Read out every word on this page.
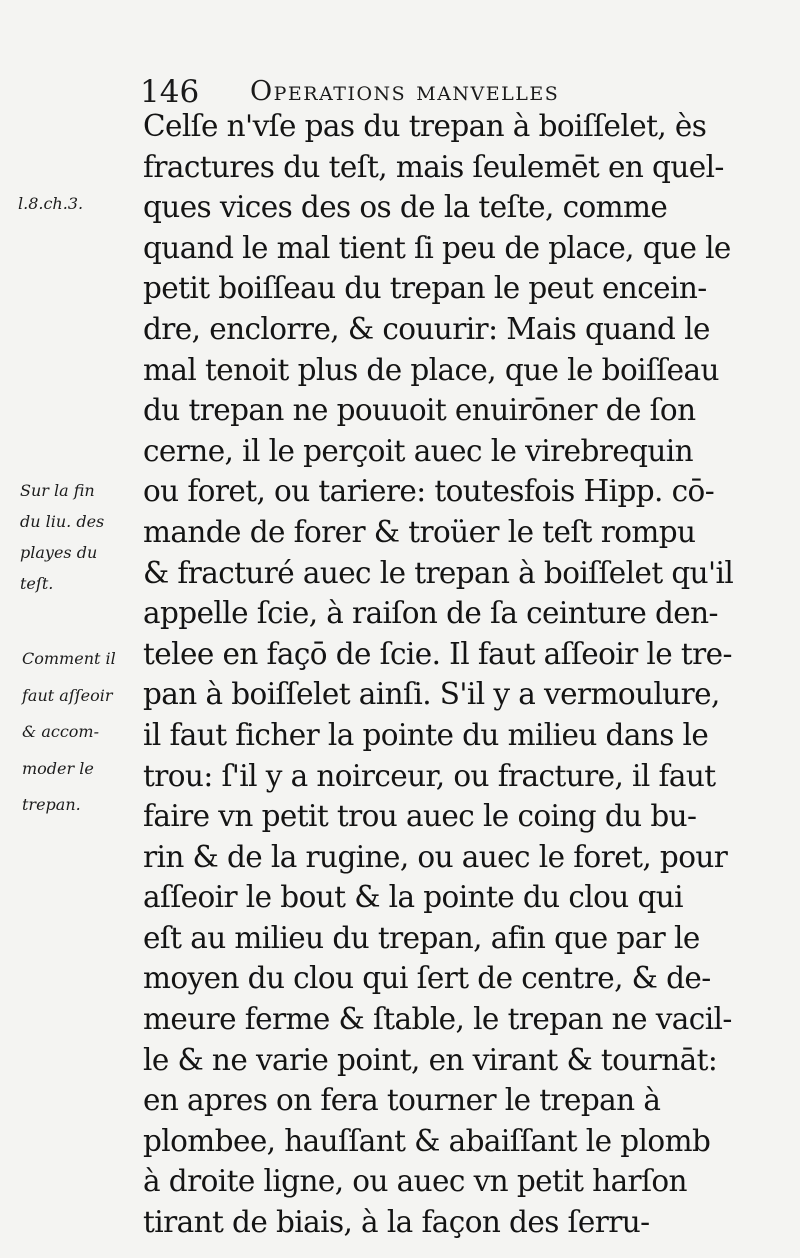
146 Operations manvelles
Celſe n'vſe pas du trepan à boiſſelet, ès
fractures du teſt, mais ſeulemēt en quel-
ques vices des os de la teſte, comme
quand le mal tient ſi peu de place, que le
petit boiſſeau du trepan le peut encein-
dre, enclorre, & couurir: Mais quand le
mal tenoit plus de place, que le boiſſeau
du trepan ne pouuoit enuirōner de ſon
cerne, il le perçoit auec le virebrequin
ou foret, ou tariere: toutesfois Hipp. cō-
mande de forer & troüer le teſt rompu
& fracturé auec le trepan à boiſſelet qu'il
appelle ſcie, à raiſon de ſa ceinture den-
telee en façō de ſcie. Il faut aſſeoir le tre-
pan à boiſſelet ainſi. S'il y a vermoulure,
il faut ficher la pointe du milieu dans le
trou: ſ'il y a noirceur, ou fracture, il faut
faire vn petit trou auec le coing du bu-
rin & de la rugine, ou auec le foret, pour
aſſeoir le bout & la pointe du clou qui
eſt au milieu du trepan, afin que par le
moyen du clou qui ſert de centre, & de-
meure ferme & ſtable, le trepan ne vacil-
le & ne varie point, en virant & tournāt:
en apres on fera tourner le trepan à
plombee, hauſſant & abaiſſant le plomb
à droite ligne, ou auec vn petit harſon
tirant de biais, à la façon des ſerru-
l.8.ch.3.
Sur la fin
du liu. des
playes du
teſt.
Comment il
faut aſſeoir
& accom-
moder le
trepan.
